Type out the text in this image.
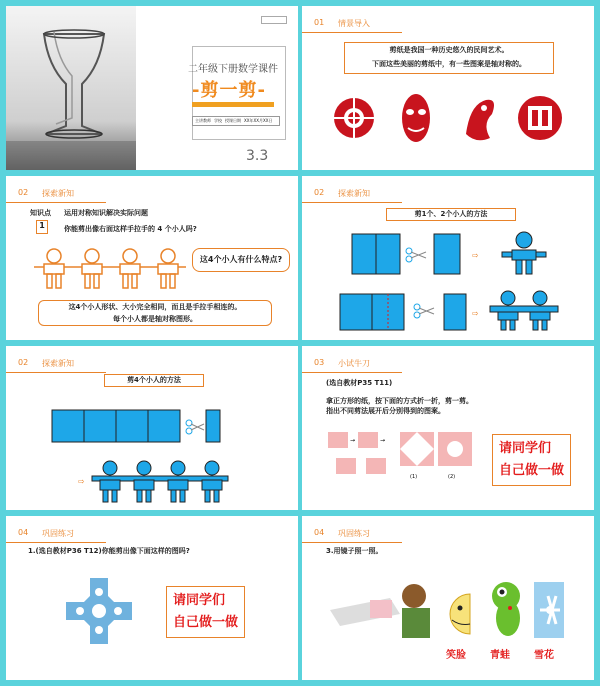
二年级下册数学课件
-剪一剪-
主讲教师 学校 授课日期 XX年XX月XX日
3.3
01 情景导入
剪纸是我国一种历史悠久的民间艺术。
下面这些美丽的剪纸中，有一些图案是轴对称的。
02 探索新知
知识点 运用对称知识解决实际问题
1	你能剪出像右面这样手拉手的 4 个小人吗?
这4个小人有什么特点?
这4个小人形状、大小完全相同，而且是手拉手相连的。
每个小人都是轴对称图形。
02 探索新知
剪1个、2个小人的方法
⇨
⇨
02 探索新知
剪4个小人的方法
⇨
03 小试牛刀
(选自教材P35 T11)
拿正方形的纸，按下面的方式折一折，剪一剪。
指出不同剪法展开后分别得到的图案。
→	→
(1)	(2)
请同学们
自己做一做
04 巩固练习
1.(选自教材P36 T12)你能剪出像下面这样的图吗?
请同学们
自己做一做
04 巩固练习
3.用镜子照一照。
笑脸 青蛙 雪花
